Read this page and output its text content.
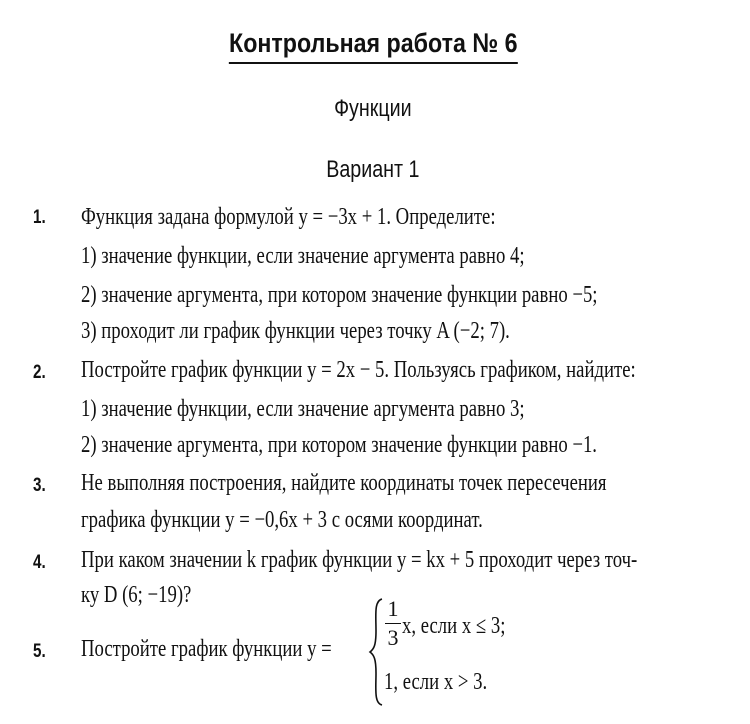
Контрольная работа № 6
Функции
Вариант 1
1. Функция задана формулой y = −3x + 1. Определите:
1) значение функции, если значение аргумента равно 4;
2) значение аргумента, при котором значение функции равно −5;
3) проходит ли график функции через точку A (−2; 7).
2. Постройте график функции y = 2x − 5. Пользуясь графиком, найдите:
1) значение функции, если значение аргумента равно 3;
2) значение аргумента, при котором значение функции равно −1.
3. Не выполняя построения, найдите координаты точек пересечения
графика функции y = −0,6x + 3 с осями координат.
4. При каком значении k график функции y = kx + 5 проходит через точ-
ку D (6; −19)?
5. Постройте график функции y =
1
3 x, если x ≤ 3;
1, если x > 3.
